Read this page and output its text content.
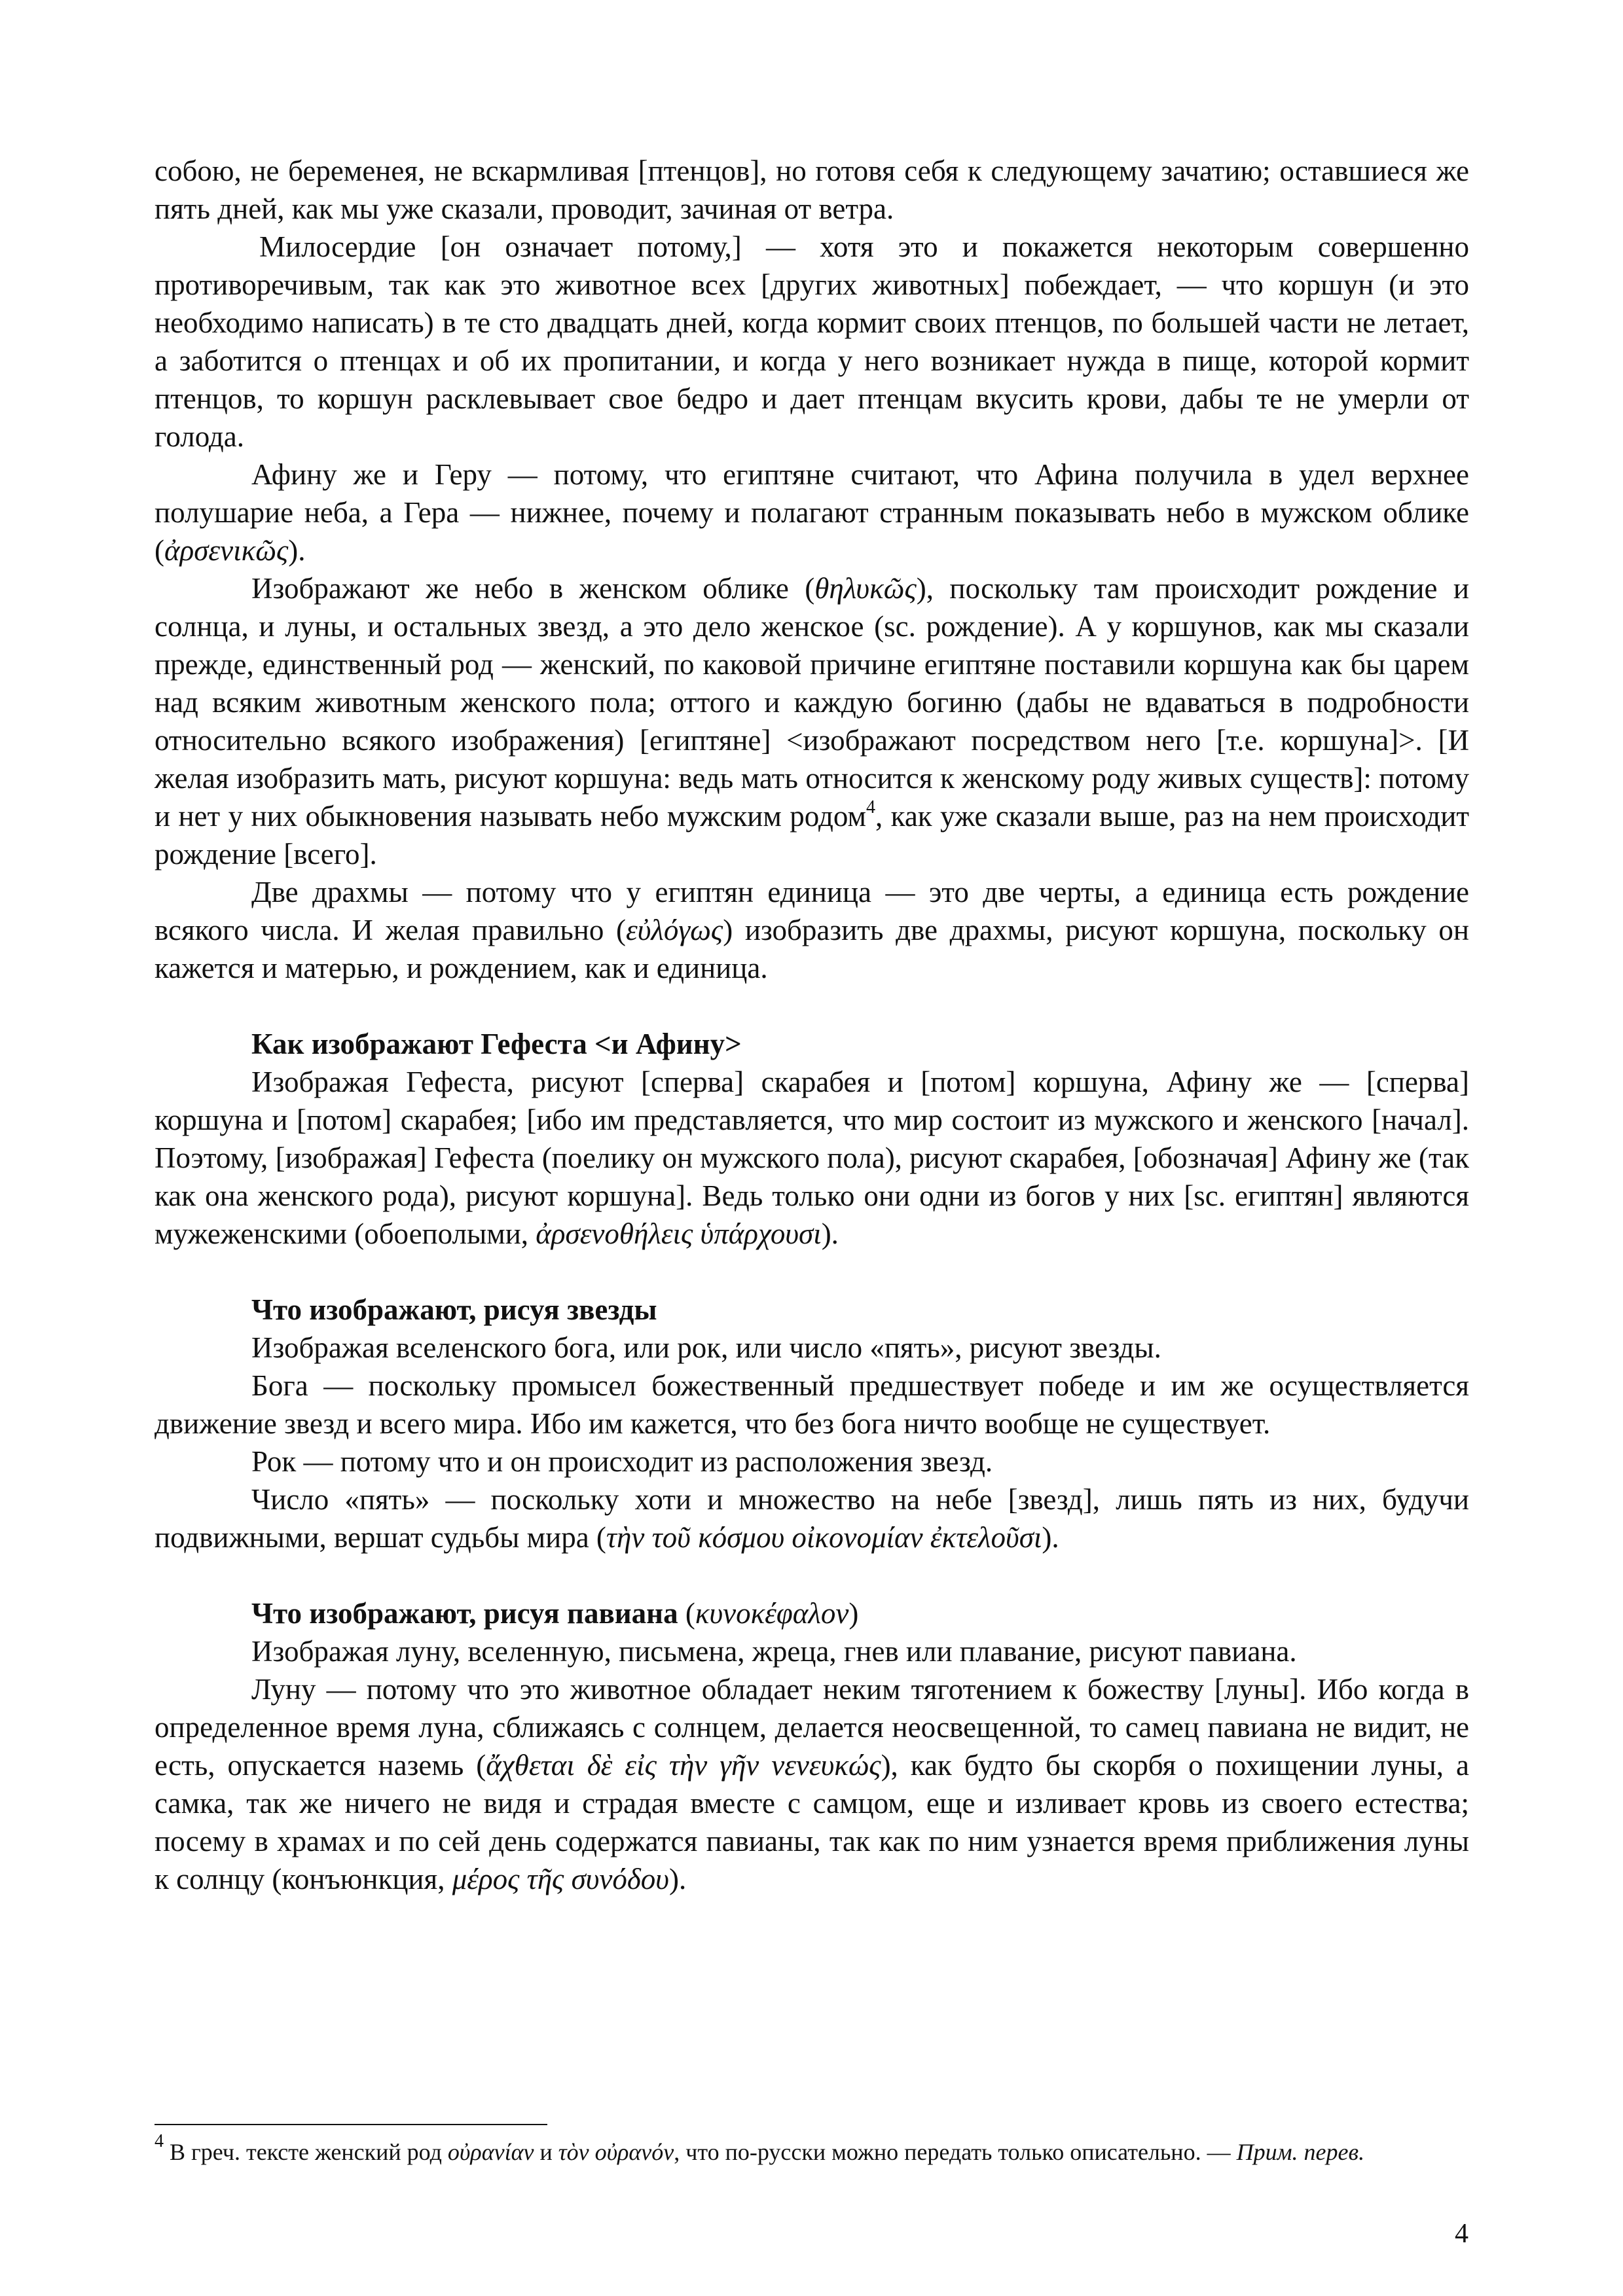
собою, не беременея, не вскармливая [птенцов], но готовя себя к следующему зачатию; оставшиеся же пять дней, как мы уже сказали, проводит, зачиная от ветра.

Милосердие [он означает потому,] — хотя это и покажется некоторым совершенно противоречивым, так как это животное всех [других животных] побеждает, — что коршун (и это необходимо написать) в те сто двадцать дней, когда кормит своих птенцов, по большей части не летает, а заботится о птенцах и об их пропитании, и когда у него возникает нужда в пище, которой кормит птенцов, то коршун расклевывает свое бедро и дает птенцам вкусить крови, дабы те не умерли от голода.

Афину же и Геру — потому, что египтяне считают, что Афина получила в удел верхнее полушарие неба, а Гера — нижнее, почему и полагают странным показывать небо в мужском облике (ἀρσενικῶς).

Изображают же небо в женском облике (θηλυκῶς), поскольку там происходит рождение и солнца, и луны, и остальных звезд, а это дело женское (sc. рождение). А у коршунов, как мы сказали прежде, единственный род — женский, по каковой причине египтяне поставили коршуна как бы царем над всяким животным женского пола; оттого и каждую богиню (дабы не вдаваться в подробности относительно всякого изображения) [египтяне] <изображают посредством него [т.е. коршуна]>. [И желая изобразить мать, рисуют коршуна: ведь мать относится к женскому роду живых существ]: потому и нет у них обыкновения называть небо мужским родом$^4$, как уже сказали выше, раз на нем происходит рождение [всего].

Две драхмы — потому что у египтян единица — это две черты, а единица есть рождение всякого числа. И желая правильно (εὐλόγως) изобразить две драхмы, рисуют коршуна, поскольку он кажется и матерью, и рождением, как и единица.

Как изображают Гефеста <и Афину>

Изображая Гефеста, рисуют [сперва] скарабея и [потом] коршуна, Афину же — [сперва] коршуна и [потом] скарабея; [ибо им представляется, что мир состоит из мужского и женского [начал]. Поэтому, [изображая] Гефеста (поелику он мужского пола), рисуют скарабея, [обозначая] Афину же (так как она женского рода), рисуют коршуна]. Ведь только они одни из богов у них [sc. египтян] являются мужеженскими (обоеполыми, ἀρσενοθήλεις ὑπάρχουσι).

Что изображают, рисуя звезды

Изображая вселенского бога, или рок, или число «пять», рисуют звезды.

Бога — поскольку промысел божественный предшествует победе и им же осуществляется движение звезд и всего мира. Ибо им кажется, что без бога ничто вообще не существует.

Рок — потому что и он происходит из расположения звезд.

Число «пять» — поскольку хоти и множество на небе [звезд], лишь пять из них, будучи подвижными, вершат судьбы мира (τὴν τοῦ κόσμου οἰκονομίαν ἐκτελοῦσι).

Что изображают, рисуя павиана (κυνοκέφαλον)

Изображая луну, вселенную, письмена, жреца, гнев или плавание, рисуют павиана.

Луну — потому что это животное обладает неким тяготением к божеству [луны]. Ибо когда в определенное время луна, сближаясь с солнцем, делается неосвещенной, то самец павиана не видит, не есть, опускается наземь (ἄχθεται δὲ εἰς τὴν γῆν νενευκώς), как будто бы скорбя о похищении луны, а самка, так же ничего не видя и страдая вместе с самцом, еще и изливает кровь из своего естества; посему в храмах и по сей день содержатся павианы, так как по ним узнается время приближения луны к солнцу (конъюнкция, μέρος τῆς συνόδου).

$^4$ В греч. тексте женский род οὐρανίαν и τὸν οὐρανόν, что по-русски можно передать только описательно. — Прим. перев.

4
